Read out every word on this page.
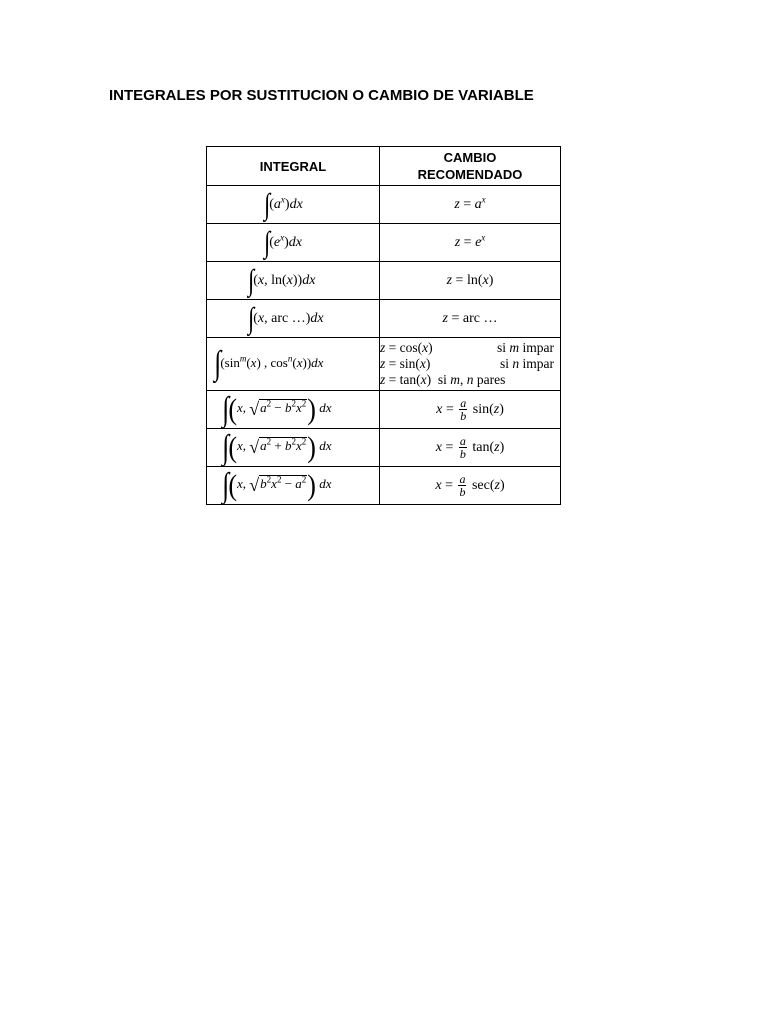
INTEGRALES POR SUSTITUCION O CAMBIO DE VARIABLE
INTEGRAL	CAMBIO
RECOMENDADO

$\int(a^x)dx$	$z = a^x$
$\int(e^x)dx$	$z = e^x$
∫(x, ln(x))dx	z = ln(x)
∫(x, arc …)dx	z = arc …
$\int(\sin^m(x)$ , $\cos^n(x))dx$	z = cos(x) si m impar
z = sin(x) si n impar
z = tan(x)  si m, n pares

∫(x, $√a^2 - b^2x^2$) dx	$x = \frac{a}{b} \sin(z)$
∫(x, $√a^2 + b^2x^2$) dx	$x = \frac{a}{b} \tan(z)$
∫(x, $√b^2x^2 - a^2$) dx	$x = \frac{a}{b} \sec(z)$
